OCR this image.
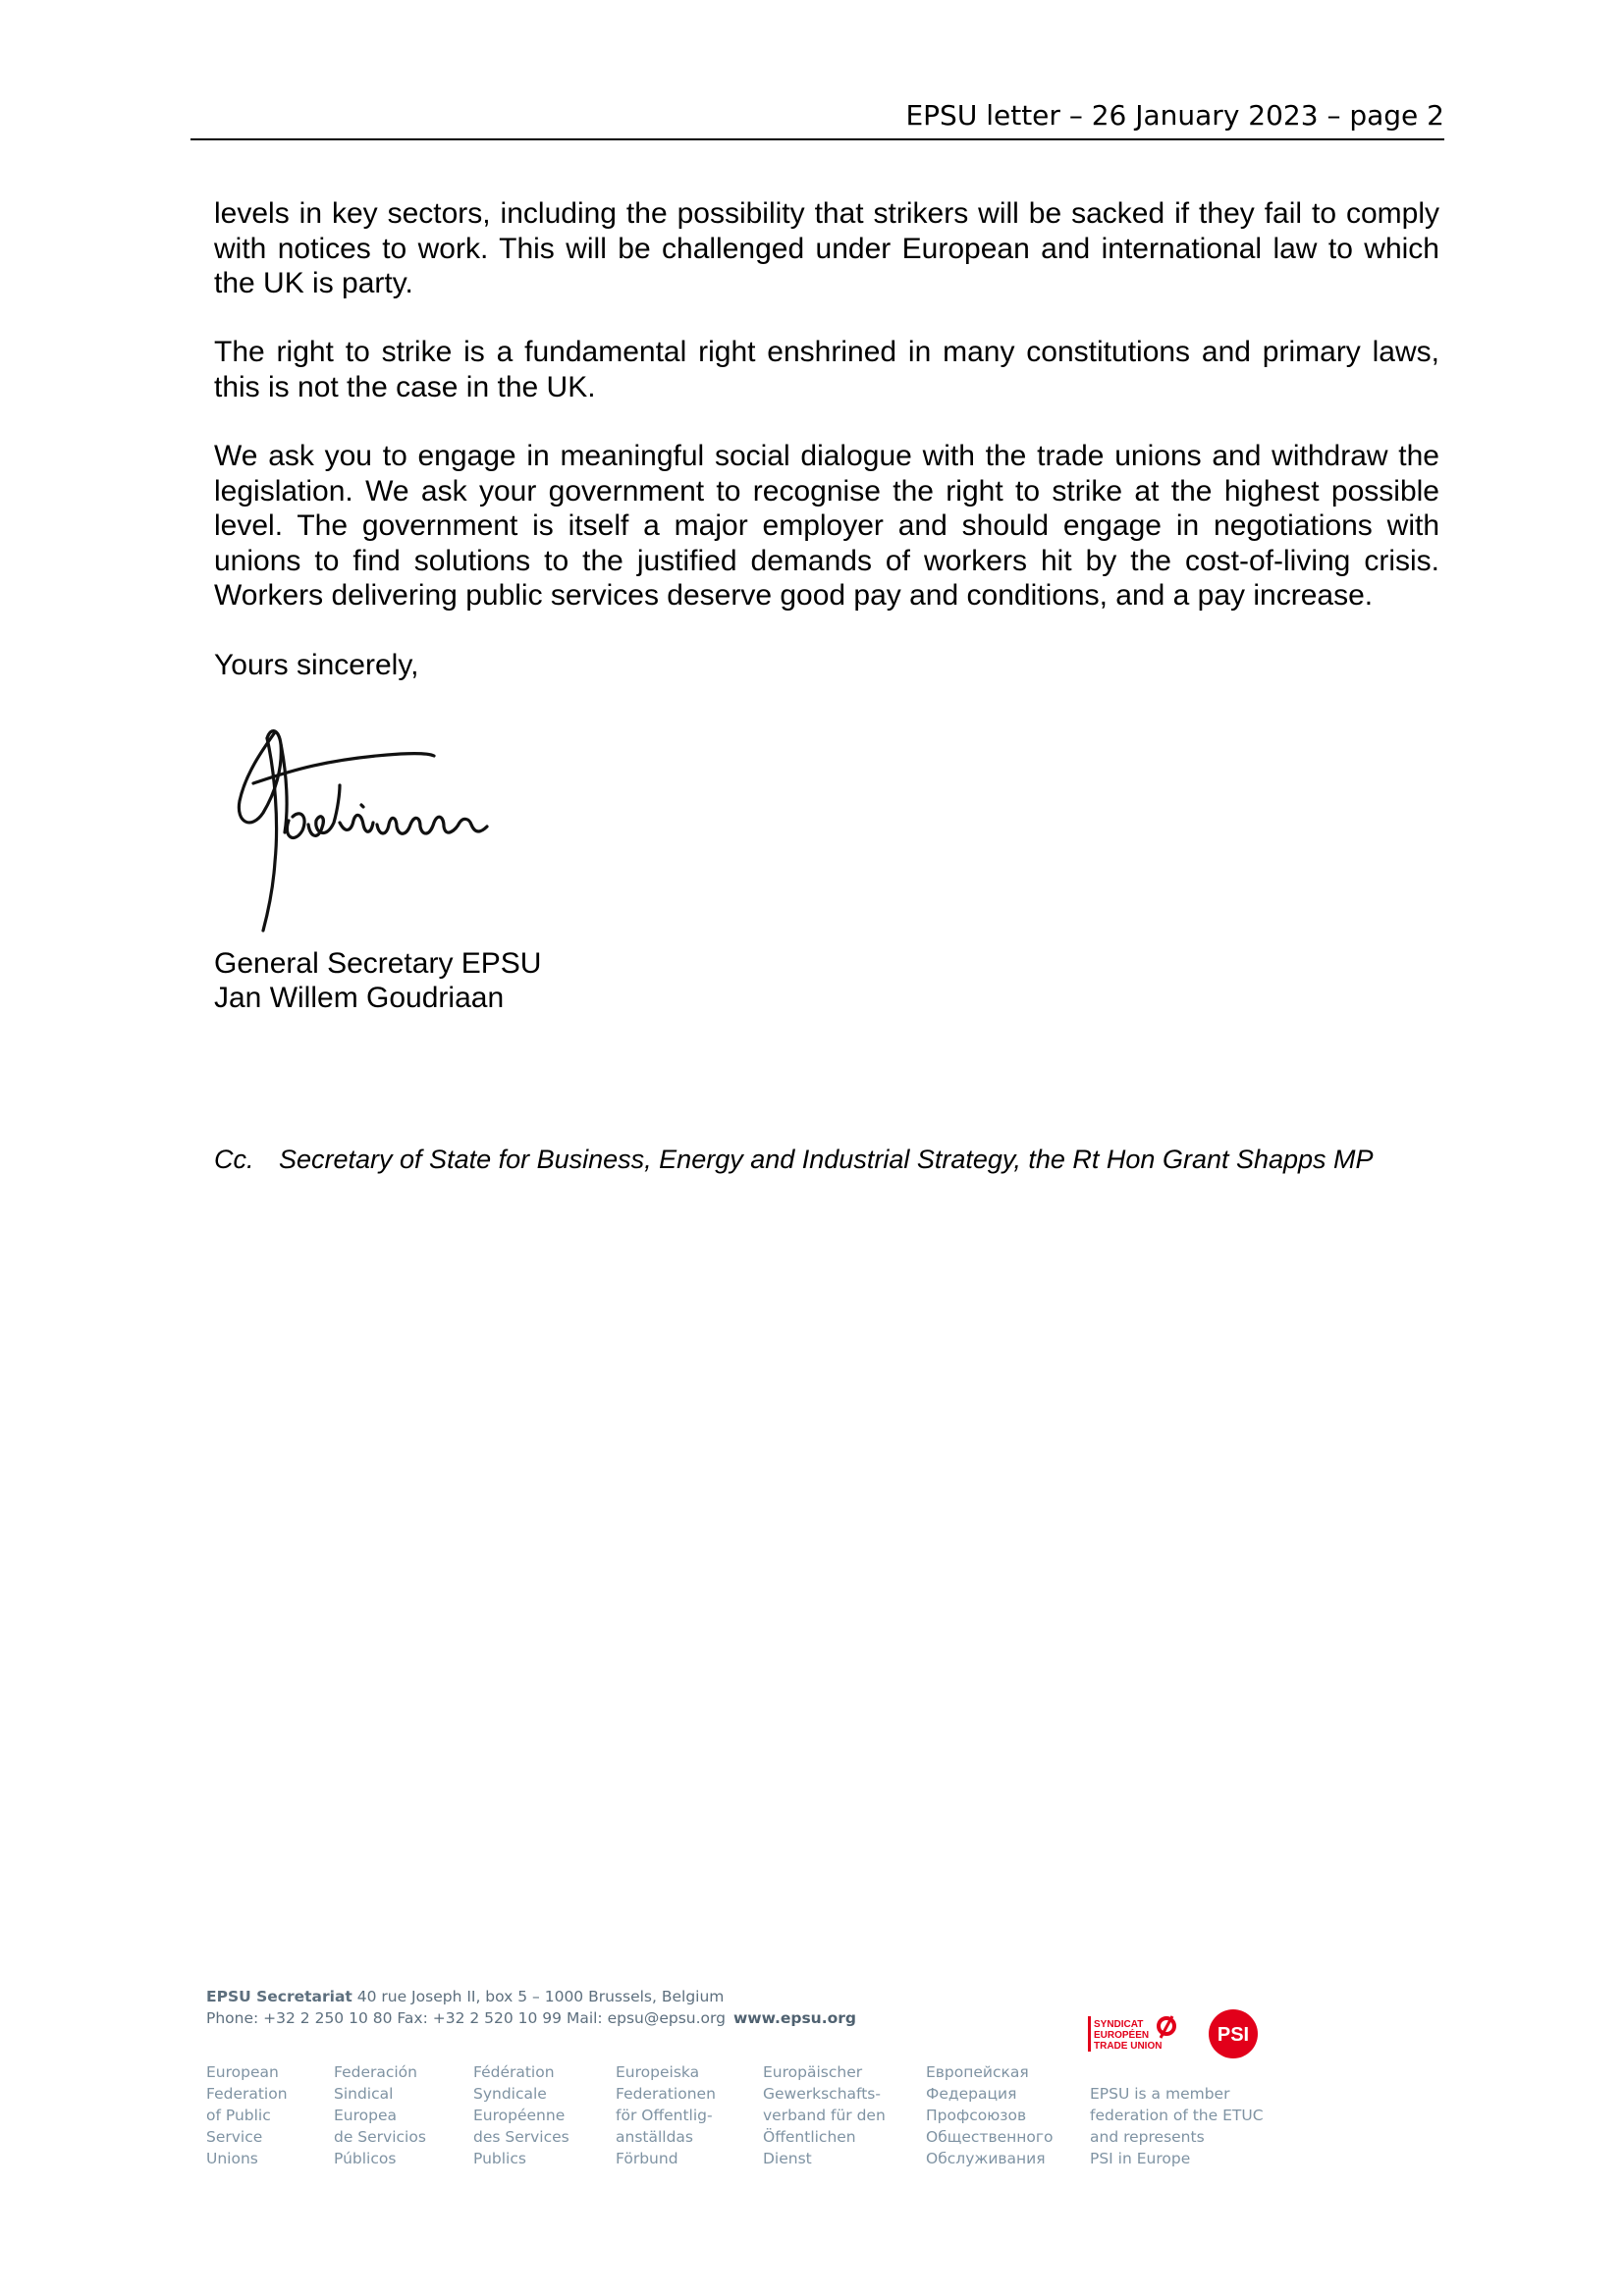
EPSU letter – 26 January 2023 – page 2

levels in key sectors, including the possibility that strikers will be sacked if they fail to comply with notices to work. This will be challenged under European and international law to which the UK is party.

The right to strike is a fundamental right enshrined in many constitutions and primary laws, this is not the case in the UK.

We ask you to engage in meaningful social dialogue with the trade unions and withdraw the legislation. We ask your government to recognise the right to strike at the highest possible level. The government is itself a major employer and should engage in negotiations with unions to find solutions to the justified demands of workers hit by the cost-of-living crisis. Workers delivering public services deserve good pay and conditions, and a pay increase.

Yours sincerely,

General Secretary EPSU
Jan Willem Goudriaan
Cc. Secretary of State for Business, Energy and Industrial Strategy, the Rt Hon Grant Shapps MP
EPSU Secretariat 40 rue Joseph II, box 5 – 1000 Brussels, Belgium
Phone: +32 2 250 10 80 Fax: +32 2 520 10 99 Mail: epsu@epsu.org www.epsu.org
European
Federation
of Public
Service
Unions
Federación
Sindical
Europea
de Servicios
Públicos
Fédération
Syndicale
Européenne
des Services
Publics
Europeiska
Federationen
för Offentlig-
anställdas
Förbund
Europäischer
Gewerkschafts-
verband für den
Öffentlichen
Dienst
Европейская
Федерация
Профсоюзов
Общественного
Обслуживания
SYNDICAT
EUROPÉEN
TRADE UNION
PSI
EPSU is a member
federation of the ETUC
and represents
PSI in Europe
